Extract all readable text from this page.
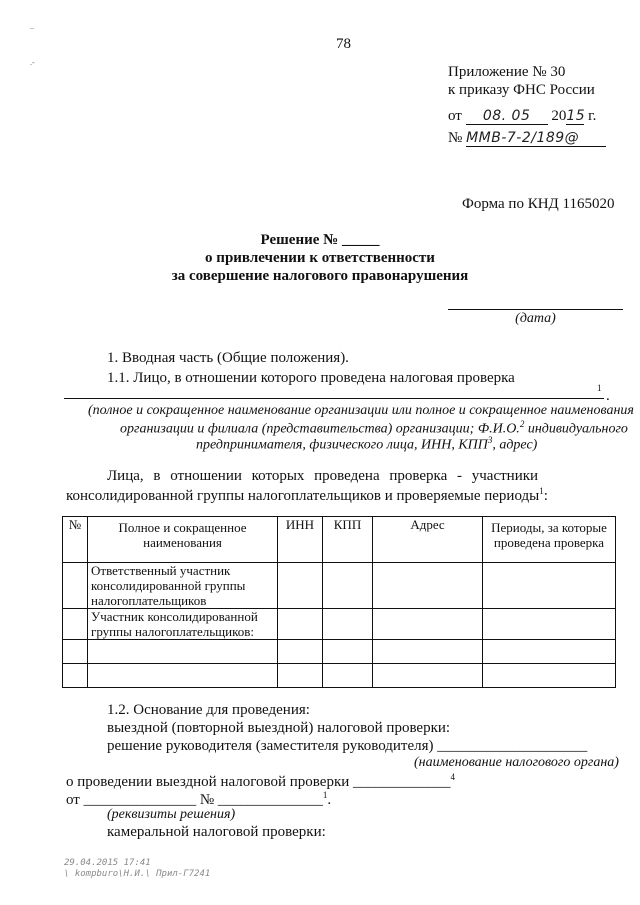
..
.-
78
Приложение № 30
к приказу ФНС России
от 08. 05 2015 г.
№ ММВ-7-2/189@
Форма по КНД 1165020
Решение № _____
о привлечении к ответственности
за совершение налогового правонарушения
(дата)
1. Вводная часть (Общие положения).
1.1. Лицо, в отношении которого проведена налоговая проверка
1 .
(полное и сокращенное наименование организации или полное и сокращенное наименования
организации и филиала (представительства) организации; Ф.И.О.$^2$ индивидуального
предпринимателя, физического лица, ИНН, КПП$^3$, адрес)
Лица, в отношении которых проведена проверка - участники
консолидированной группы налогоплательщиков и проверяемые периоды$^1$:
№	Полное и сокращенное наименования	ИНН	КПП	Адрес	Периоды, за которые проведена проверка
	Ответственный участник консолидированной группы налогоплательщиков				
	Участник консолидированной группы налогоплательщиков:				

1.2. Основание для проведения:
выездной (повторной выездной) налоговой проверки:
решение руководителя (заместителя руководителя) ____________________
(наименование налогового органа)
о проведении выездной налоговой проверки _____________$^4$
от _______________ № ______________$^1$.
(реквизиты решения)
камеральной налоговой проверки:
29.04.2015 17:41
\ kompburo\Н.И.\ Прил-Г7241
